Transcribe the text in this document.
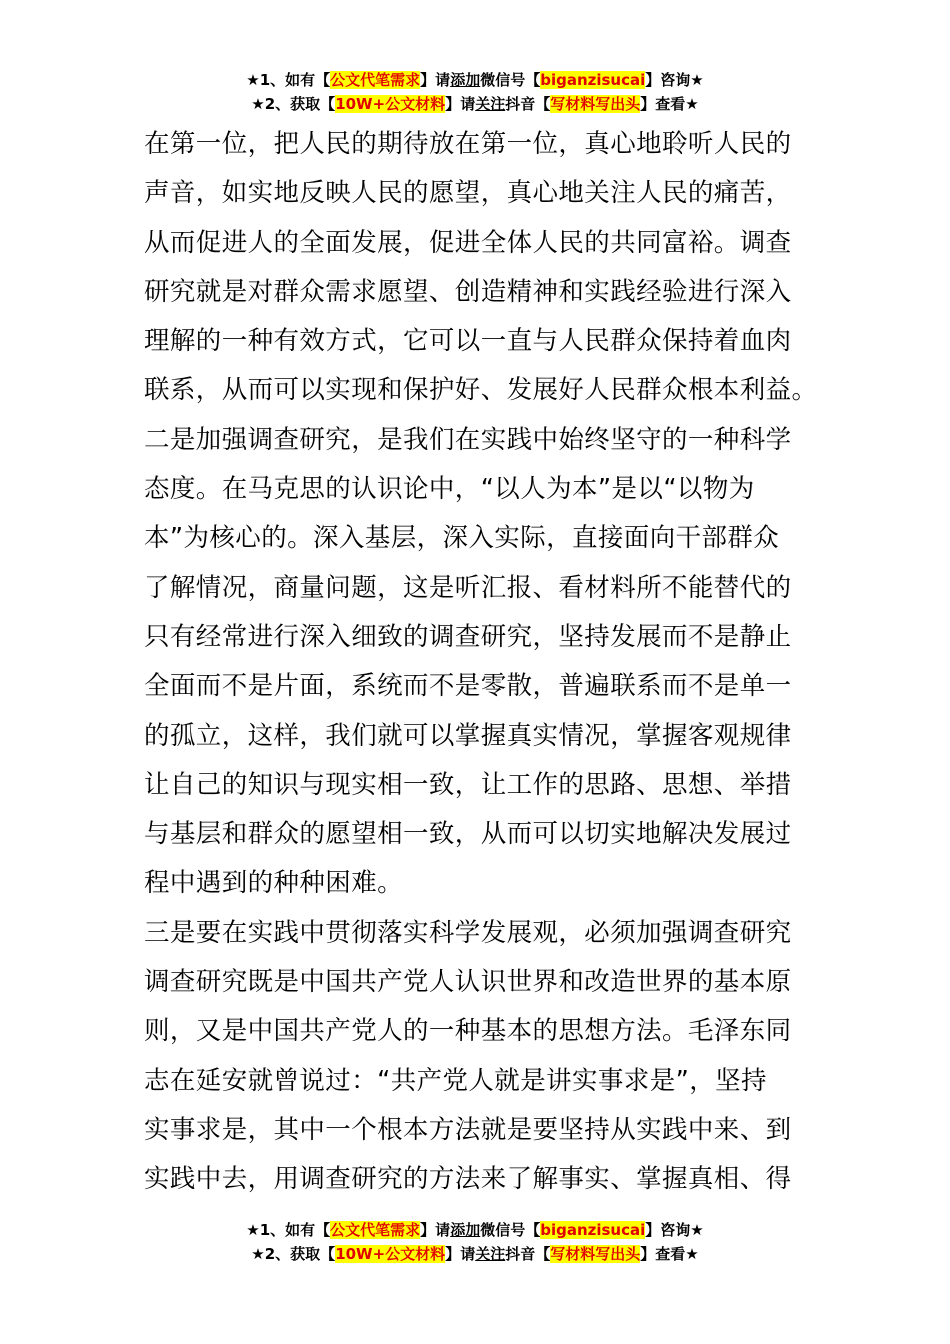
★1、如有【公文代笔需求】请添加微信号【biganzisucai】咨询★
★2、获取【10W+公文材料】请关注抖音【写材料写出头】查看★
在第一位，把人民的期待放在第一位，真心地聆听人民的
声音，如实地反映人民的愿望，真心地关注人民的痛苦，
从而促进人的全面发展，促进全体人民的共同富裕。调查
研究就是对群众需求愿望、创造精神和实践经验进行深入
理解的一种有效方式，它可以一直与人民群众保持着血肉
联系，从而可以实现和保护好、发展好人民群众根本利益。
二是加强调查研究，是我们在实践中始终坚守的一种科学
态度。在马克思的认识论中，“以人为本”是以“以物为
本”为核心的。深入基层，深入实际，直接面向干部群众
了解情况，商量问题，这是听汇报、看材料所不能替代的
只有经常进行深入细致的调查研究，坚持发展而不是静止
全面而不是片面，系统而不是零散，普遍联系而不是单一
的孤立，这样，我们就可以掌握真实情况，掌握客观规律
让自己的知识与现实相一致，让工作的思路、思想、举措
与基层和群众的愿望相一致，从而可以切实地解决发展过
程中遇到的种种困难。
三是要在实践中贯彻落实科学发展观，必须加强调查研究
调查研究既是中国共产党人认识世界和改造世界的基本原
则，又是中国共产党人的一种基本的思想方法。毛泽东同
志在延安就曾说过：“共产党人就是讲实事求是”，坚持
实事求是，其中一个根本方法就是要坚持从实践中来、到
实践中去，用调查研究的方法来了解事实、掌握真相、得
★1、如有【公文代笔需求】请添加微信号【biganzisucai】咨询★
★2、获取【10W+公文材料】请关注抖音【写材料写出头】查看★
